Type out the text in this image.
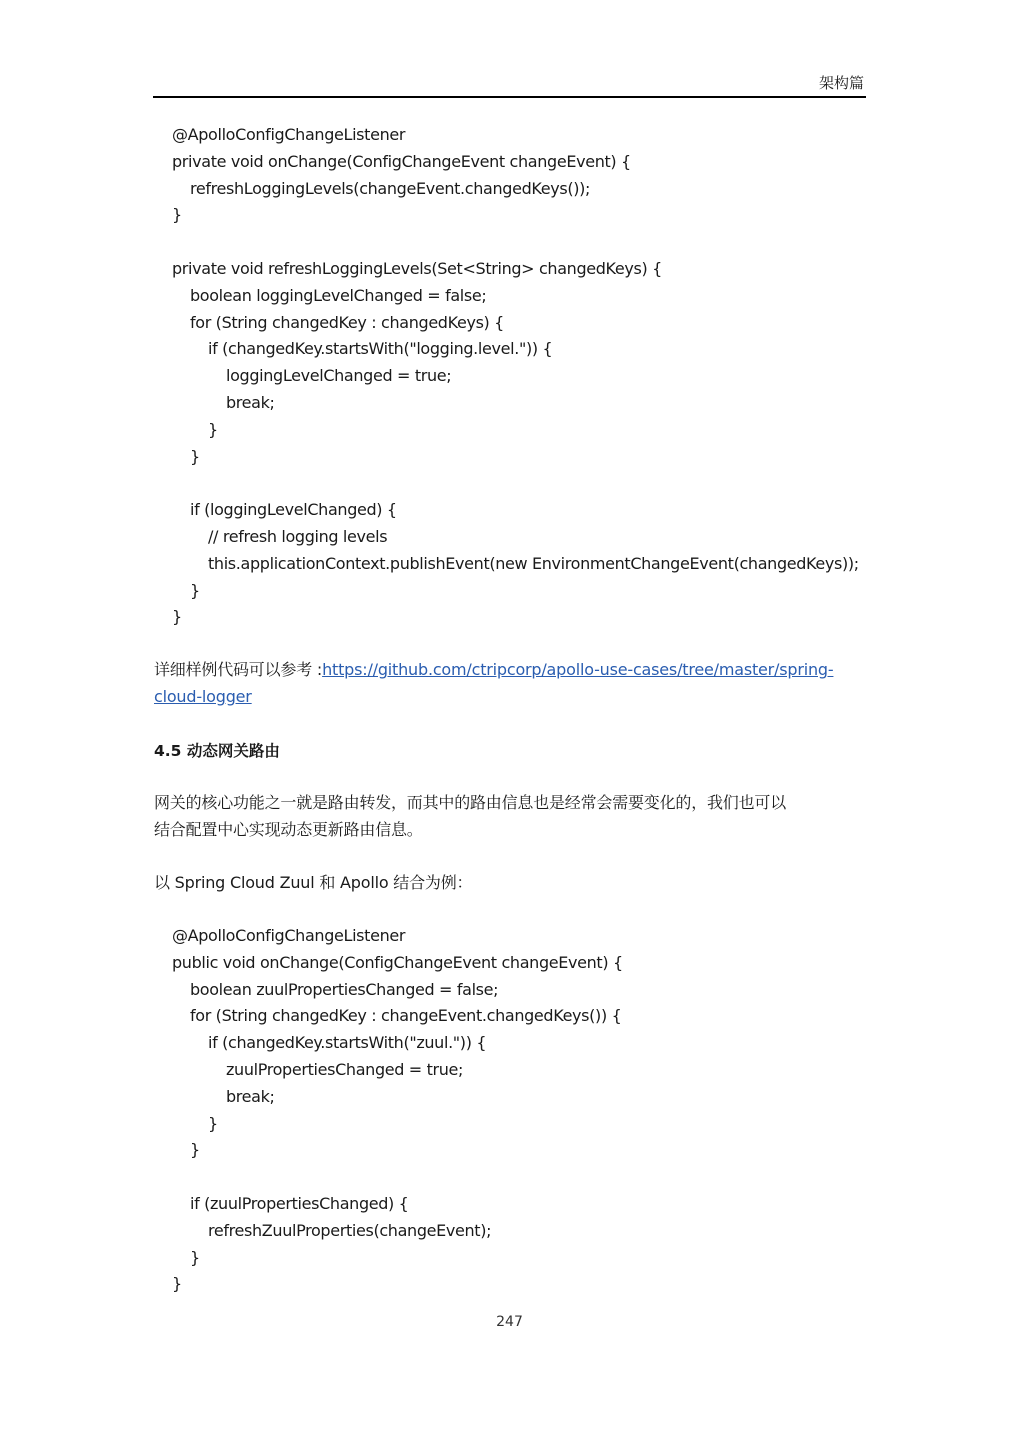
架构篇
@ApolloConfigChangeListener
private void onChange(ConfigChangeEvent changeEvent) {
refreshLoggingLevels(changeEvent.changedKeys());
}
private void refreshLoggingLevels(Set<String> changedKeys) {
boolean loggingLevelChanged = false;
for (String changedKey : changedKeys) {
if (changedKey.startsWith("logging.level.")) {
loggingLevelChanged = true;
break;
}
}
if (loggingLevelChanged) {
// refresh logging levels
this.applicationContext.publishEvent(new EnvironmentChangeEvent(changedKeys));
}
}
详细样例代码可以参考 :https://github.com/ctripcorp/apollo-use-cases/tree/master/spring-
cloud-logger
4.5 动态网关路由
网关的核心功能之一就是路由转发，而其中的路由信息也是经常会需要变化的，我们也可以
结合配置中心实现动态更新路由信息。
以 Spring Cloud Zuul 和 Apollo 结合为例：
@ApolloConfigChangeListener
public void onChange(ConfigChangeEvent changeEvent) {
boolean zuulPropertiesChanged = false;
for (String changedKey : changeEvent.changedKeys()) {
if (changedKey.startsWith("zuul.")) {
zuulPropertiesChanged = true;
break;
}
}
if (zuulPropertiesChanged) {
refreshZuulProperties(changeEvent);
}
}
247
